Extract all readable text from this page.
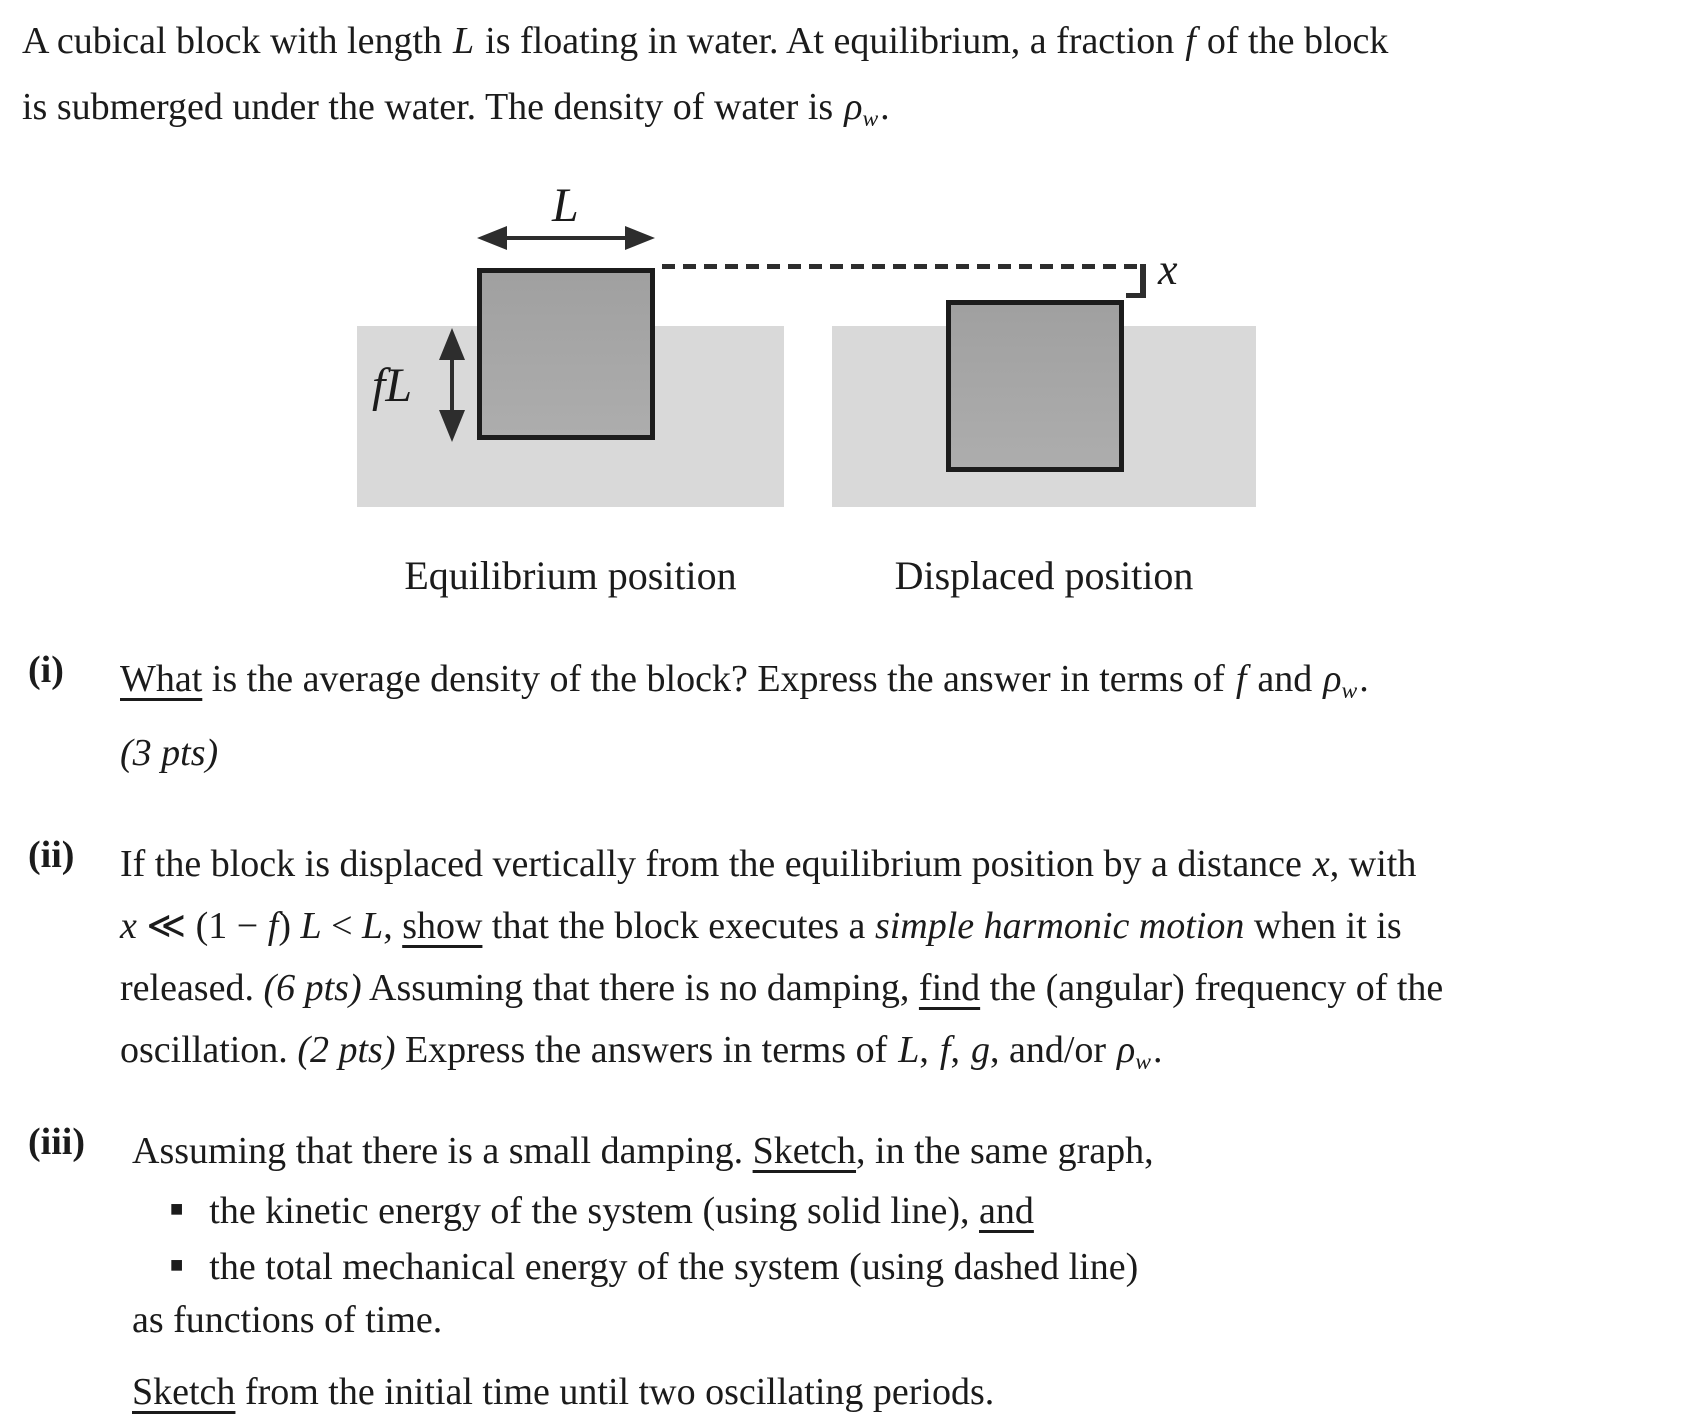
A cubical block with length L is floating in water. At equilibrium, a fraction f of the block
is submerged under the water. The density of water is $\rho_w$.
L
fL
x
Equilibrium position	Displaced position
(i)	What is the average density of the block? Express the answer in terms of f and $\rho_w$.
(3 pts)
(ii)	If the block is displaced vertically from the equilibrium position by a distance x, with
x ≪ (1 − f) L < L, show that the block executes a simple harmonic motion when it is
released. (6 pts) Assuming that there is no damping, find the (angular) frequency of the
oscillation. (2 pts) Express the answers in terms of L, f, g, and/or $\rho_w$.
(iii)	Assuming that there is a small damping. Sketch, in the same graph,
■ the kinetic energy of the system (using solid line), and
■ the total mechanical energy of the system (using dashed line)
as functions of time.
Sketch from the initial time until two oscillating periods.
